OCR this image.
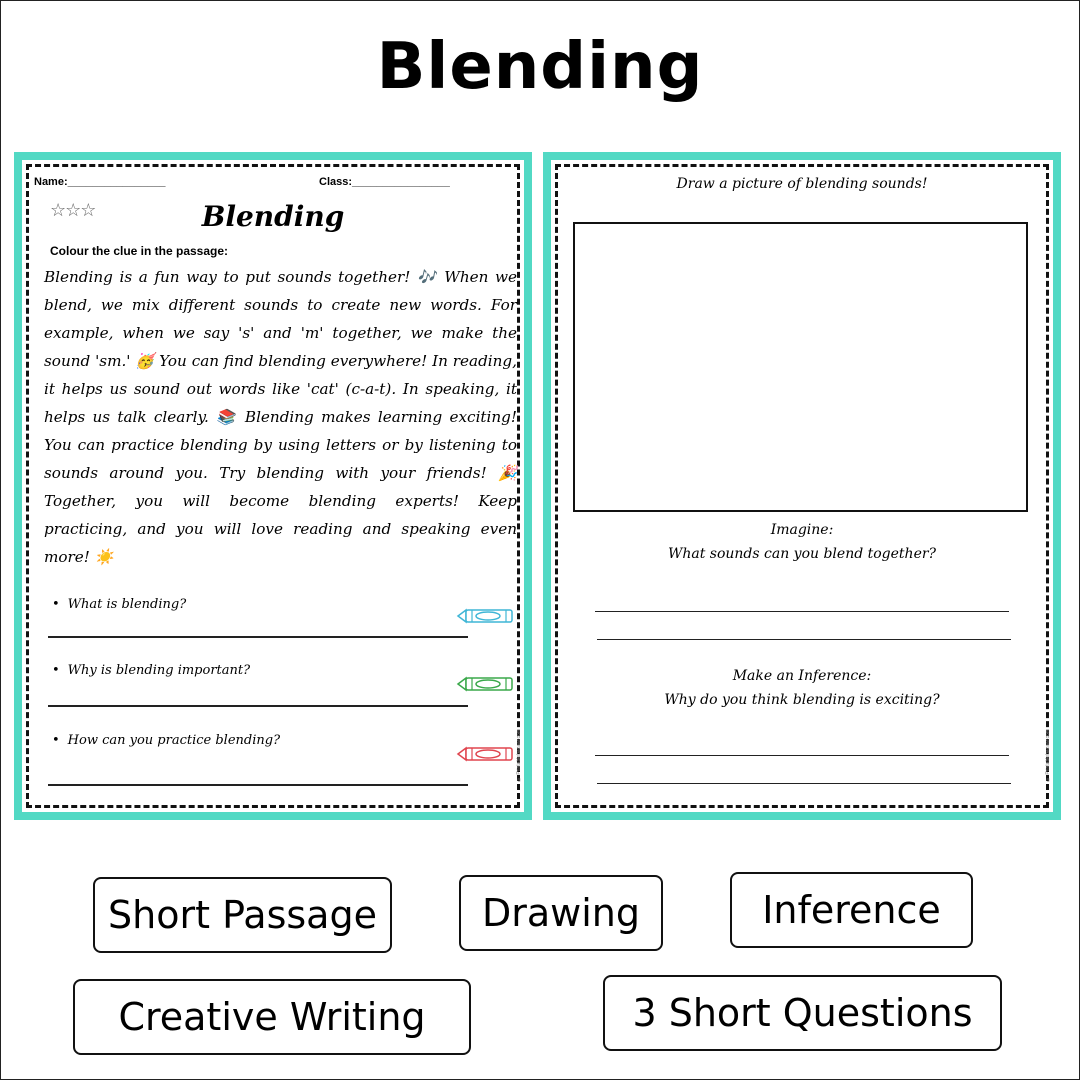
Blending
Name:________________	Class:________________
☆☆☆	Blending
Colour the clue in the passage:
Blending is a fun way to put sounds together! 🎶 When we blend, we mix different sounds to create new words. For example, when we say 's' and 'm' together, we make the sound 'sm.' 🥳 You can find blending everywhere! In reading, it helps us sound out words like 'cat' (c-a-t). In speaking, it helps us talk clearly. 📚 Blending makes learning exciting! You can practice blending by using letters or by listening to sounds around you. Try blending with your friends! 🎉 Together, you will become blending experts! Keep practicing, and you will love reading and speaking even more! ☀️
• What is blending?
• Why is blending important?
• How can you practice blending?	© Printablebazaar.com
Draw a picture of blending sounds!
Imagine:
What sounds can you blend together?
Make an Inference:
Why do you think blending is exciting?
© Printablebazaar.com
Short Passage	Drawing	Inference
Creative Writing	3 Short Questions
